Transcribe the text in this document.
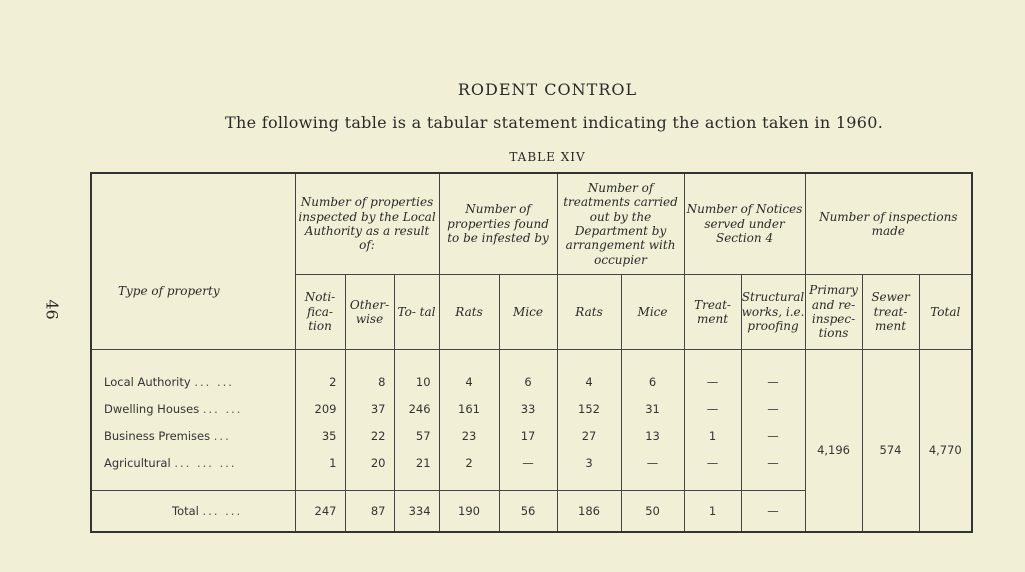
46
RODENT CONTROL
The following table is a tabular statement indicating the action taken in 1960.
TABLE XIV
Type of property	Number of properties inspected by the Local Authority as a result of:			Number of properties found to be infested by		Number of treatments carried out by the Department by arrangement with occupier		Number of Notices served under Section 4		Number of inspections made		
	Noti- fica- tion	Other- wise	To- tal	Rats	Mice	Rats	Mice	Treat- ment	Structural works, i.e. proofing	Primary and re- inspec- tions	Sewer treat- ment	Total
Local Authority ... ...	2	8	10	4	6	4	6	—	—	4,196	574	4,770
Dwelling Houses ... ...	209	37	246	161	33	152	31	—	—			
Business Premises ...	35	22	57	23	17	27	13	1	—			
Agricultural ... ... ...	1	20	21	2	—	3	—	—	—			

Total ... ...	247	87	334	190	56	186	50	1	—			
